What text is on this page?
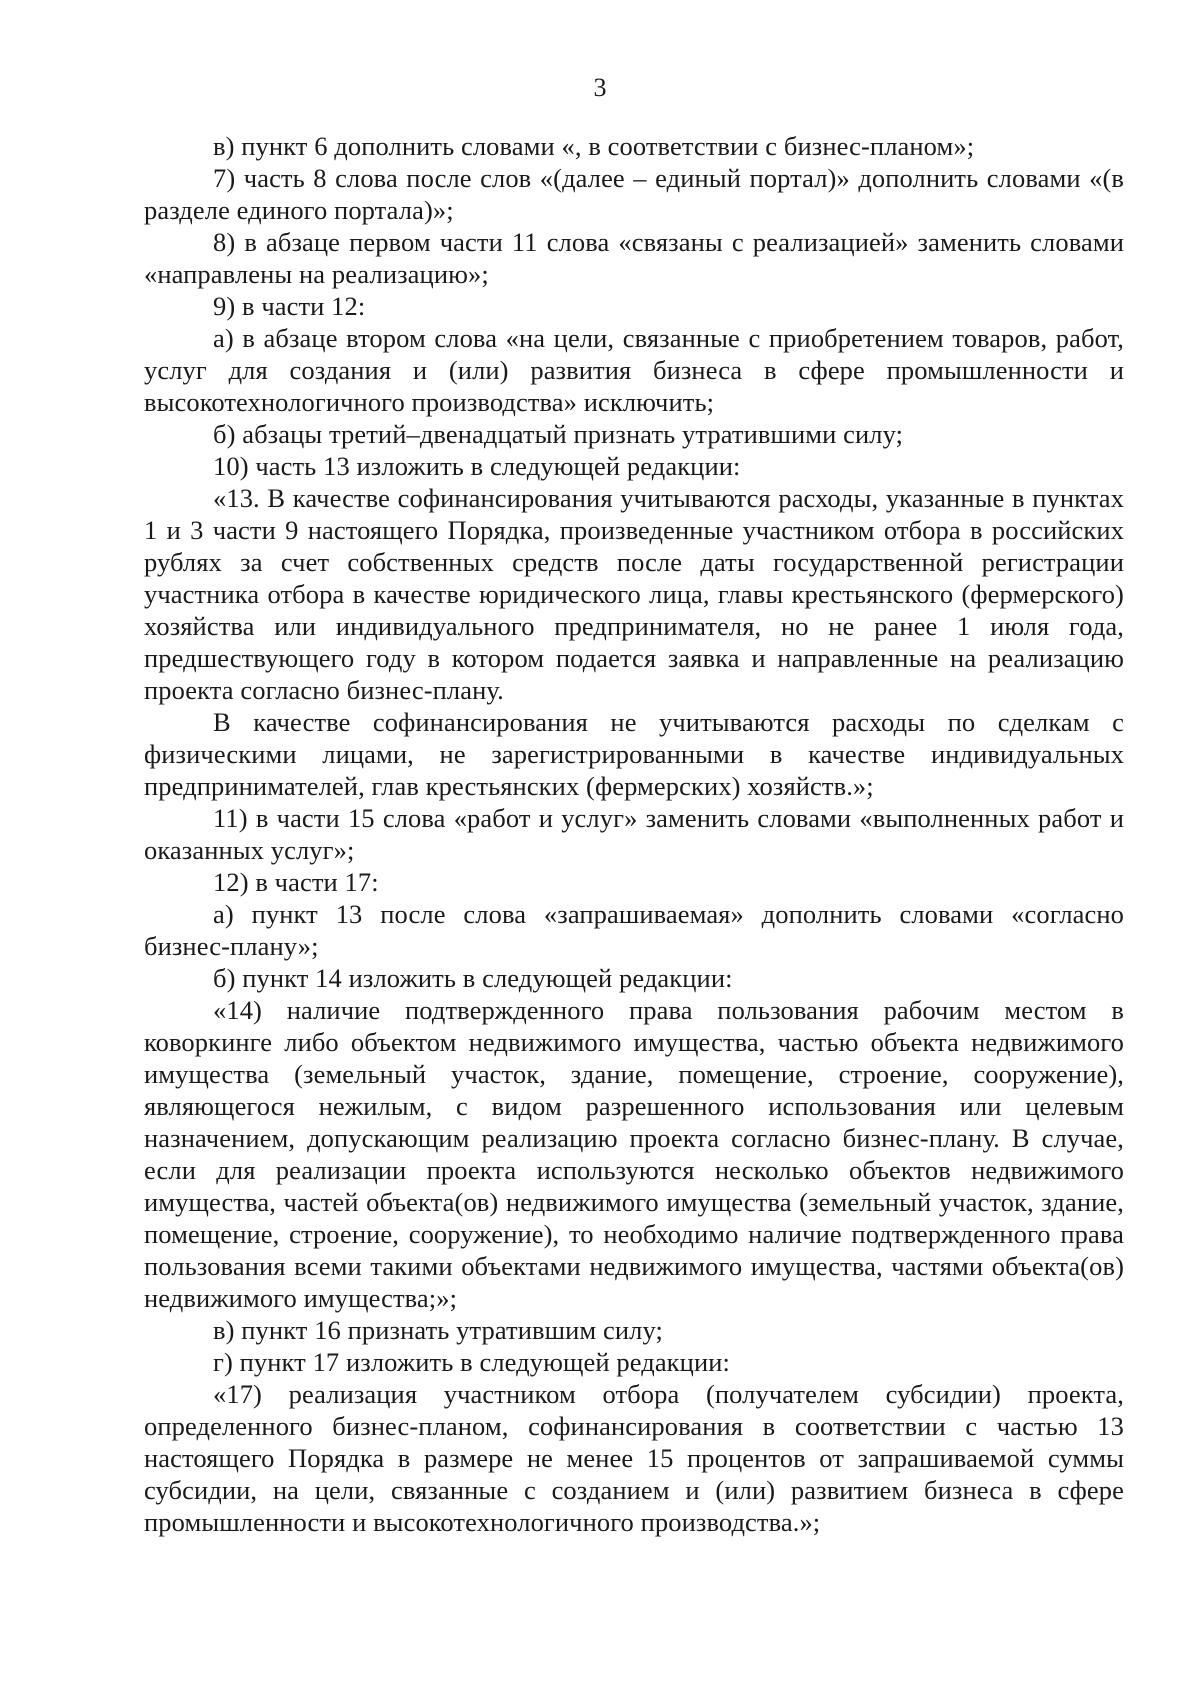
3

в) пункт 6 дополнить словами «, в соответствии с бизнес-планом»;

7) часть 8 слова после слов «(далее – единый портал)» дополнить словами «(в разделе единого портала)»;

8) в абзаце первом части 11 слова «связаны с реализацией» заменить словами «направлены на реализацию»;

9) в части 12:

а) в абзаце втором слова «на цели, связанные с приобретением товаров, работ, услуг для создания и (или) развития бизнеса в сфере промышленности и высокотехнологичного производства» исключить;

б) абзацы третий–двенадцатый признать утратившими силу;

10) часть 13 изложить в следующей редакции:

«13. В качестве софинансирования учитываются расходы, указанные в пунктах 1 и 3 части 9 настоящего Порядка, произведенные участником отбора в российских рублях за счет собственных средств после даты государственной регистрации участника отбора в качестве юридического лица, главы крестьянского (фермерского) хозяйства или индивидуального предпринимателя, но не ранее 1 июля года, предшествующего году в котором подается заявка и направленные на реализацию проекта согласно бизнес-плану.

В качестве софинансирования не учитываются расходы по сделкам с физическими лицами, не зарегистрированными в качестве индивидуальных предпринимателей, глав крестьянских (фермерских) хозяйств.»;

11) в части 15 слова «работ и услуг» заменить словами «выполненных работ и оказанных услуг»;

12) в части 17:

а) пункт 13 после слова «запрашиваемая» дополнить словами «согласно бизнес-плану»;

б) пункт 14 изложить в следующей редакции:

«14) наличие подтвержденного права пользования рабочим местом в коворкинге либо объектом недвижимого имущества, частью объекта недвижимого имущества (земельный участок, здание, помещение, строение, сооружение), являющегося нежилым, с видом разрешенного использования или целевым назначением, допускающим реализацию проекта согласно бизнес-плану. В случае, если для реализации проекта используются несколько объектов недвижимого имущества, частей объекта(ов) недвижимого имущества (земельный участок, здание, помещение, строение, сооружение), то необходимо наличие подтвержденного права пользования всеми такими объектами недвижимого имущества, частями объекта(ов) недвижимого имущества;»;

в) пункт 16 признать утратившим силу;

г) пункт 17 изложить в следующей редакции:

«17) реализация участником отбора (получателем субсидии) проекта, определенного бизнес-планом, софинансирования в соответствии с частью 13 настоящего Порядка в размере не менее 15 процентов от запрашиваемой суммы субсидии, на цели, связанные с созданием и (или) развитием бизнеса в сфере промышленности и высокотехнологичного производства.»;
